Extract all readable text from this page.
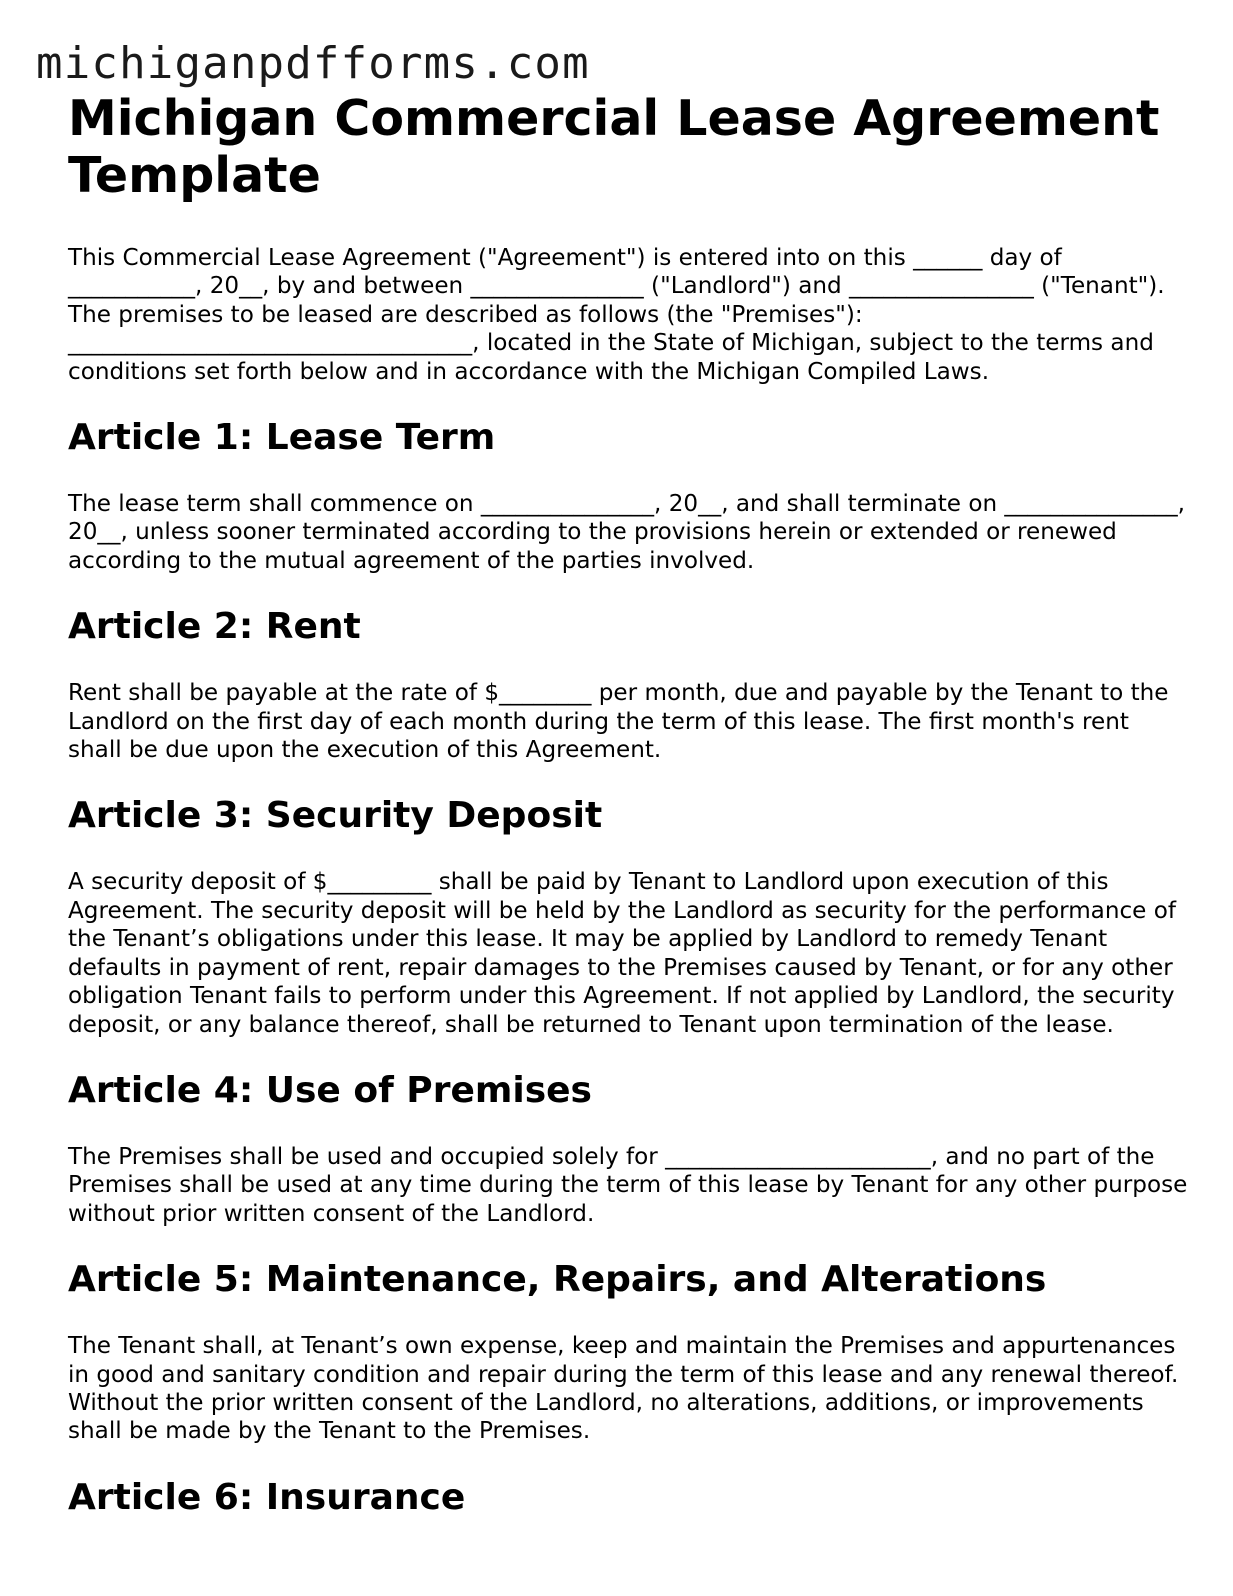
michiganpdfforms.com
Michigan Commercial Lease Agreement Template

This Commercial Lease Agreement ("Agreement") is entered into on this ______ day of ___________, 20__, by and between _______________ ("Landlord") and ________________ ("Tenant"). The premises to be leased are described as follows (the "Premises"): ___________________________________, located in the State of Michigan, subject to the terms and conditions set forth below and in accordance with the Michigan Compiled Laws.

Article 1: Lease Term

The lease term shall commence on _______________, 20__, and shall terminate on _______________, 20__, unless sooner terminated according to the provisions herein or extended or renewed according to the mutual agreement of the parties involved.

Article 2: Rent

Rent shall be payable at the rate of $________ per month, due and payable by the Tenant to the Landlord on the first day of each month during the term of this lease. The first month's rent shall be due upon the execution of this Agreement.

Article 3: Security Deposit

A security deposit of $_________ shall be paid by Tenant to Landlord upon execution of this Agreement. The security deposit will be held by the Landlord as security for the performance of the Tenant’s obligations under this lease. It may be applied by Landlord to remedy Tenant defaults in payment of rent, repair damages to the Premises caused by Tenant, or for any other obligation Tenant fails to perform under this Agreement. If not applied by Landlord, the security deposit, or any balance thereof, shall be returned to Tenant upon termination of the lease.

Article 4: Use of Premises

The Premises shall be used and occupied solely for _______________________, and no part of the Premises shall be used at any time during the term of this lease by Tenant for any other purpose without prior written consent of the Landlord.

Article 5: Maintenance, Repairs, and Alterations

The Tenant shall, at Tenant’s own expense, keep and maintain the Premises and appurtenances in good and sanitary condition and repair during the term of this lease and any renewal thereof. Without the prior written consent of the Landlord, no alterations, additions, or improvements shall be made by the Tenant to the Premises.

Article 6: Insurance
